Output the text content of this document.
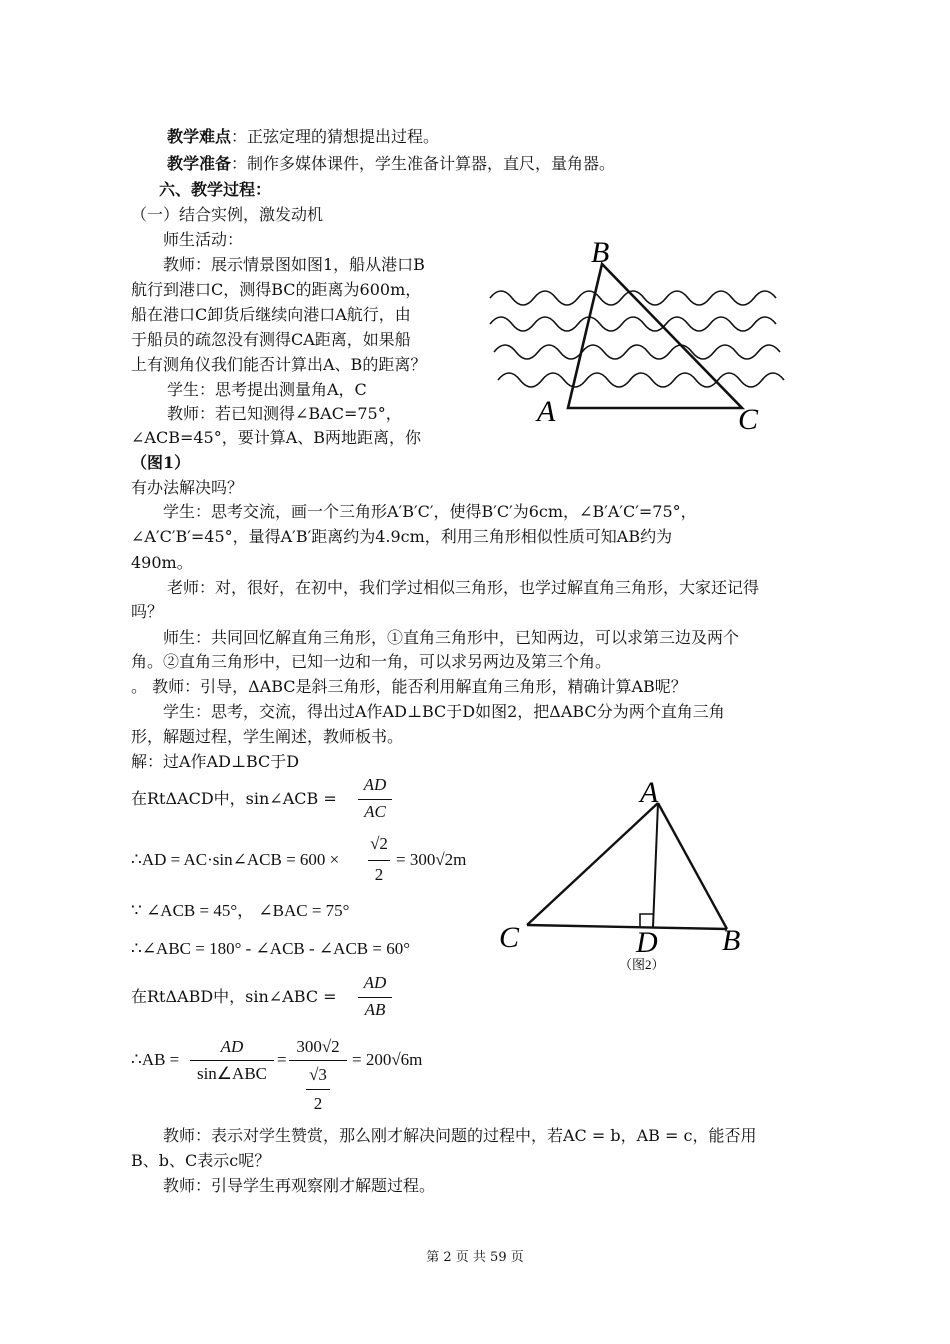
教学难点：正弦定理的猜想提出过程。
教学准备：制作多媒体课件，学生准备计算器，直尺，量角器。
六、教学过程：
（一）结合实例，激发动机
师生活动：
教师：展示情景图如图1，船从港口B
航行到港口C，测得BC的距离为600m，
船在港口C卸货后继续向港口A航行，由
于船员的疏忽没有测得CA距离，如果船
上有测角仪我们能否计算出A、B的距离？
学生：思考提出测量角A，C
教师：若已知测得∠BAC=75°，
∠ACB=45°，要计算A、B两地距离，你
（图1）
有办法解决吗？
B
A	C
学生：思考交流，画一个三角形A′B′C′，使得B′C′为6cm，∠B′A′C′=75°，
∠A′C′B′=45°，量得A′B′距离约为4.9cm，利用三角形相似性质可知AB约为
490m。
老师：对，很好，在初中，我们学过相似三角形，也学过解直角三角形，大家还记得
吗？
师生：共同回忆解直角三角形，①直角三角形中，已知两边，可以求第三边及两个
角。②直角三角形中，已知一边和一角，可以求另两边及第三个角。
。 教师：引导，ΔABC是斜三角形，能否利用解直角三角形，精确计算AB呢？
学生：思考，交流，得出过A作AD⊥BC于D如图2，把ΔABC分为两个直角三角
形，解题过程，学生阐述，教师板书。
解：过A作AD⊥BC于D
在RtΔACD中，sin∠ACB =
AD
AC
∴AD = AC·sin∠ACB = 600 ×
√2
2
= 300√2m
∵ ∠ACB = 45°， ∠BAC = 75°
∴∠ABC = 180° - ∠ACB - ∠ACB = 60°
在RtΔABD中，sin∠ABC =
AD
AB
∴AB =
AD
sin∠ABC
=
300√2
√3
2
= 200√6m
A
C	D B
（图2）
教师：表示对学生赞赏，那么刚才解决问题的过程中，若AC = b，AB = c，能否用
B、b、C表示c呢？
教师：引导学生再观察刚才解题过程。
第 2 页 共 59 页
